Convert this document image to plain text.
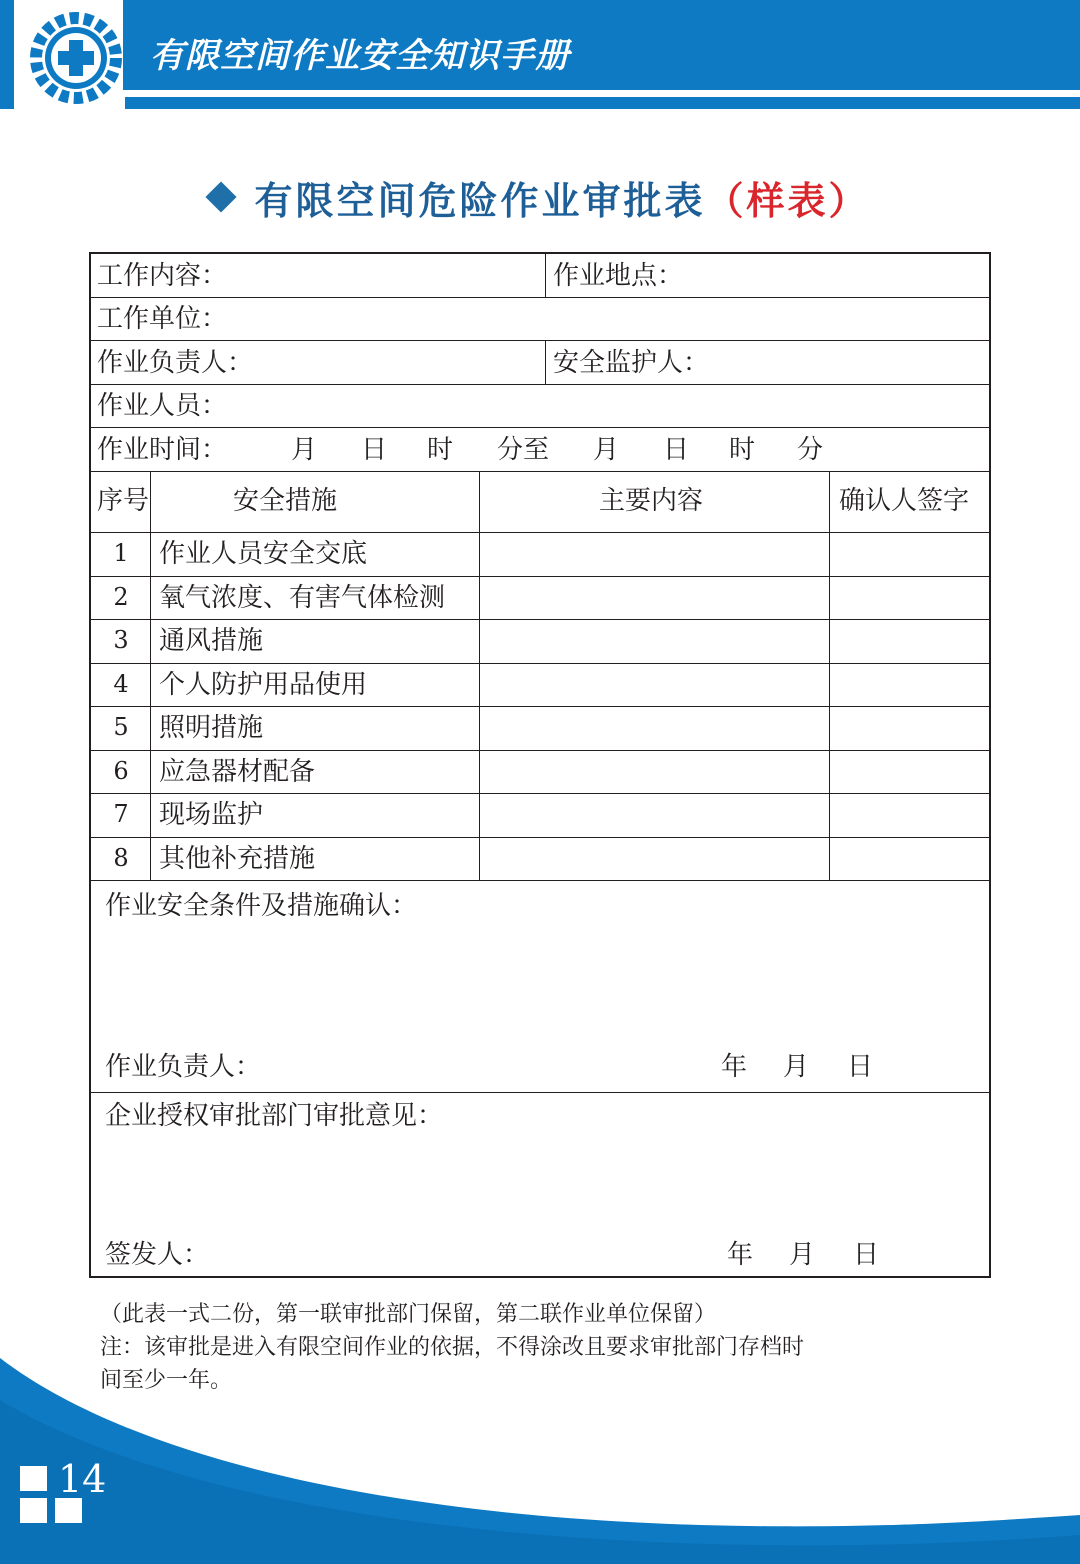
有限空间作业安全知识手册
有限空间危险作业审批表（样表）
工作内容：	作业地点：
工作单位：
作业负责人：	安全监护人：
作业人员：
作业时间： 月 日 时 分至 月 日 时 分
序号	安全措施	主要内容	确认人签字
1	作业人员安全交底
2	氧气浓度、有害气体检测
3	通风措施
4	个人防护用品使用
5	照明措施
6	应急器材配备
7	现场监护
8	其他补充措施
作业安全条件及措施确认：
作业负责人：	年 月 日
企业授权审批部门审批意见：
签发人：	年 月 日
（此表一式二份，第一联审批部门保留，第二联作业单位保留）
注：该审批是进入有限空间作业的依据，不得涂改且要求审批部门存档时
间至少一年。
14
